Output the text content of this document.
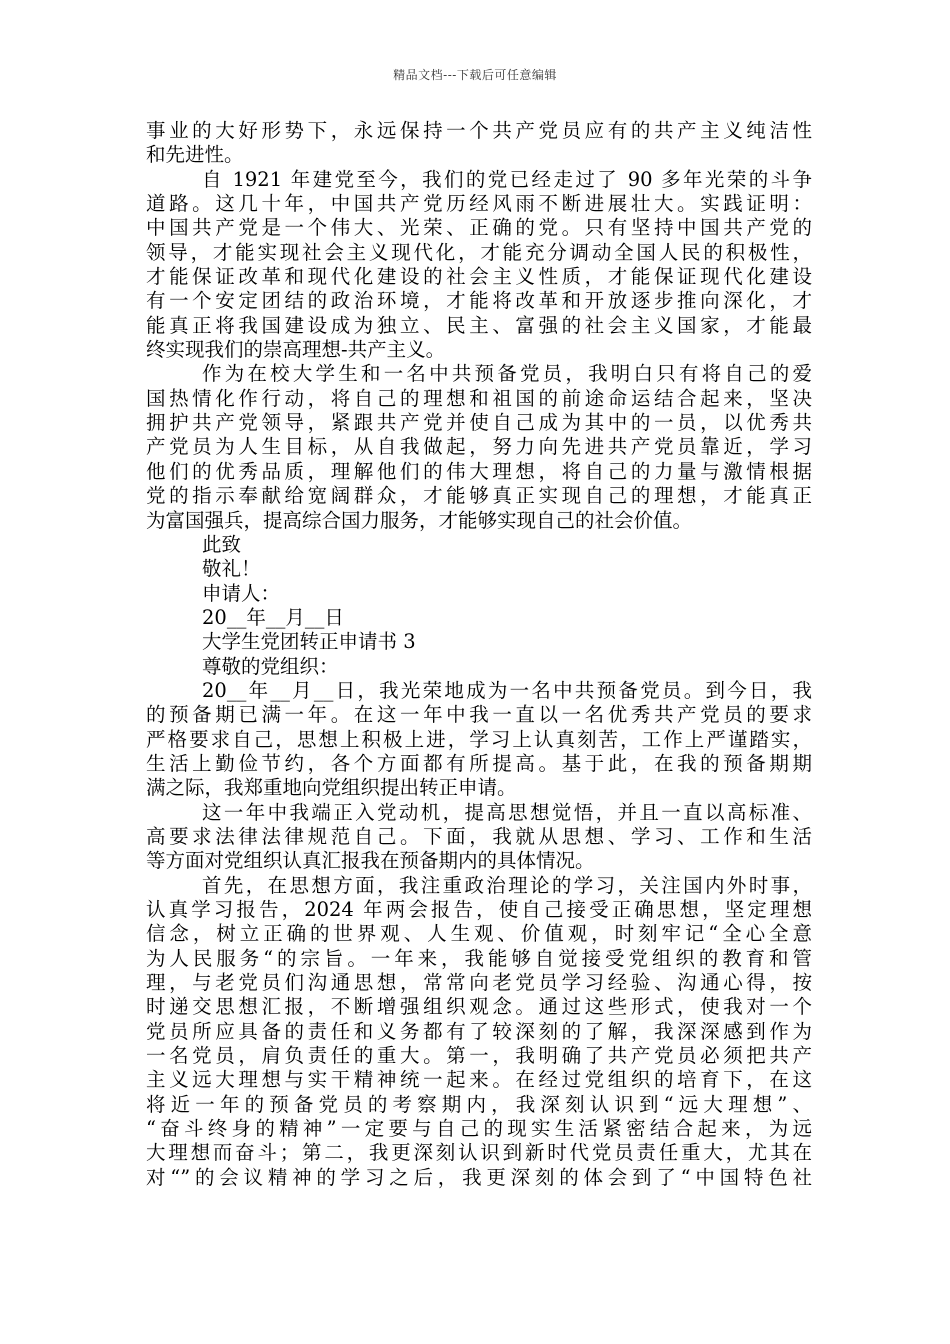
精品文档---下载后可任意编辑
事业的大好形势下，永远保持一个共产党员应有的共产主义纯洁性
和先进性。
自 1921 年建党至今，我们的党已经走过了 90 多年光荣的斗争
道路。这几十年，中国共产党历经风雨不断进展壮大。实践证明：
中国共产党是一个伟大、光荣、正确的党。只有坚持中国共产党的
领导，才能实现社会主义现代化，才能充分调动全国人民的积极性，
才能保证改革和现代化建设的社会主义性质，才能保证现代化建设
有一个安定团结的政治环境，才能将改革和开放逐步推向深化，才
能真正将我国建设成为独立、民主、富强的社会主义国家，才能最
终实现我们的崇高理想-共产主义。
作为在校大学生和一名中共预备党员，我明白只有将自己的爱
国热情化作行动，将自己的理想和祖国的前途命运结合起来，坚决
拥护共产党领导，紧跟共产党并使自己成为其中的一员，以优秀共
产党员为人生目标，从自我做起，努力向先进共产党员靠近，学习
他们的优秀品质，理解他们的伟大理想，将自己的力量与激情根据
党的指示奉献给宽阔群众，才能够真正实现自己的理想，才能真正
为富国强兵，提高综合国力服务，才能够实现自己的社会价值。
此致
敬礼！
申请人：
20__年__月__日
大学生党团转正申请书 3
尊敬的党组织：
20__年__月__日，我光荣地成为一名中共预备党员。到今日，我
的预备期已满一年。在这一年中我一直以一名优秀共产党员的要求
严格要求自己，思想上积极上进，学习上认真刻苦，工作上严谨踏实，
生活上勤俭节约，各个方面都有所提高。基于此，在我的预备期期
满之际，我郑重地向党组织提出转正申请。
这一年中我端正入党动机，提高思想觉悟，并且一直以高标准、
高要求法律法律规范自己。下面，我就从思想、学习、工作和生活
等方面对党组织认真汇报我在预备期内的具体情况。
首先，在思想方面，我注重政治理论的学习，关注国内外时事，
认真学习报告，2024 年两会报告，使自己接受正确思想，坚定理想
信念，树立正确的世界观、人生观、价值观，时刻牢记“全心全意
为人民服务“的宗旨。一年来，我能够自觉接受党组织的教育和管
理，与老党员们沟通思想，常常向老党员学习经验、沟通心得，按
时递交思想汇报，不断增强组织观念。通过这些形式，使我对一个
党员所应具备的责任和义务都有了较深刻的了解，我深深感到作为
一名党员，肩负责任的重大。第一，我明确了共产党员必须把共产
主义远大理想与实干精神统一起来。在经过党组织的培育下，在这
将近一年的预备党员的考察期内，我深刻认识到“远大理想”、
“奋斗终身的精神”一定要与自己的现实生活紧密结合起来，为远
大理想而奋斗；第二，我更深刻认识到新时代党员责任重大，尤其在
对“”的会议精神的学习之后，我更深刻的体会到了“中国特色社
